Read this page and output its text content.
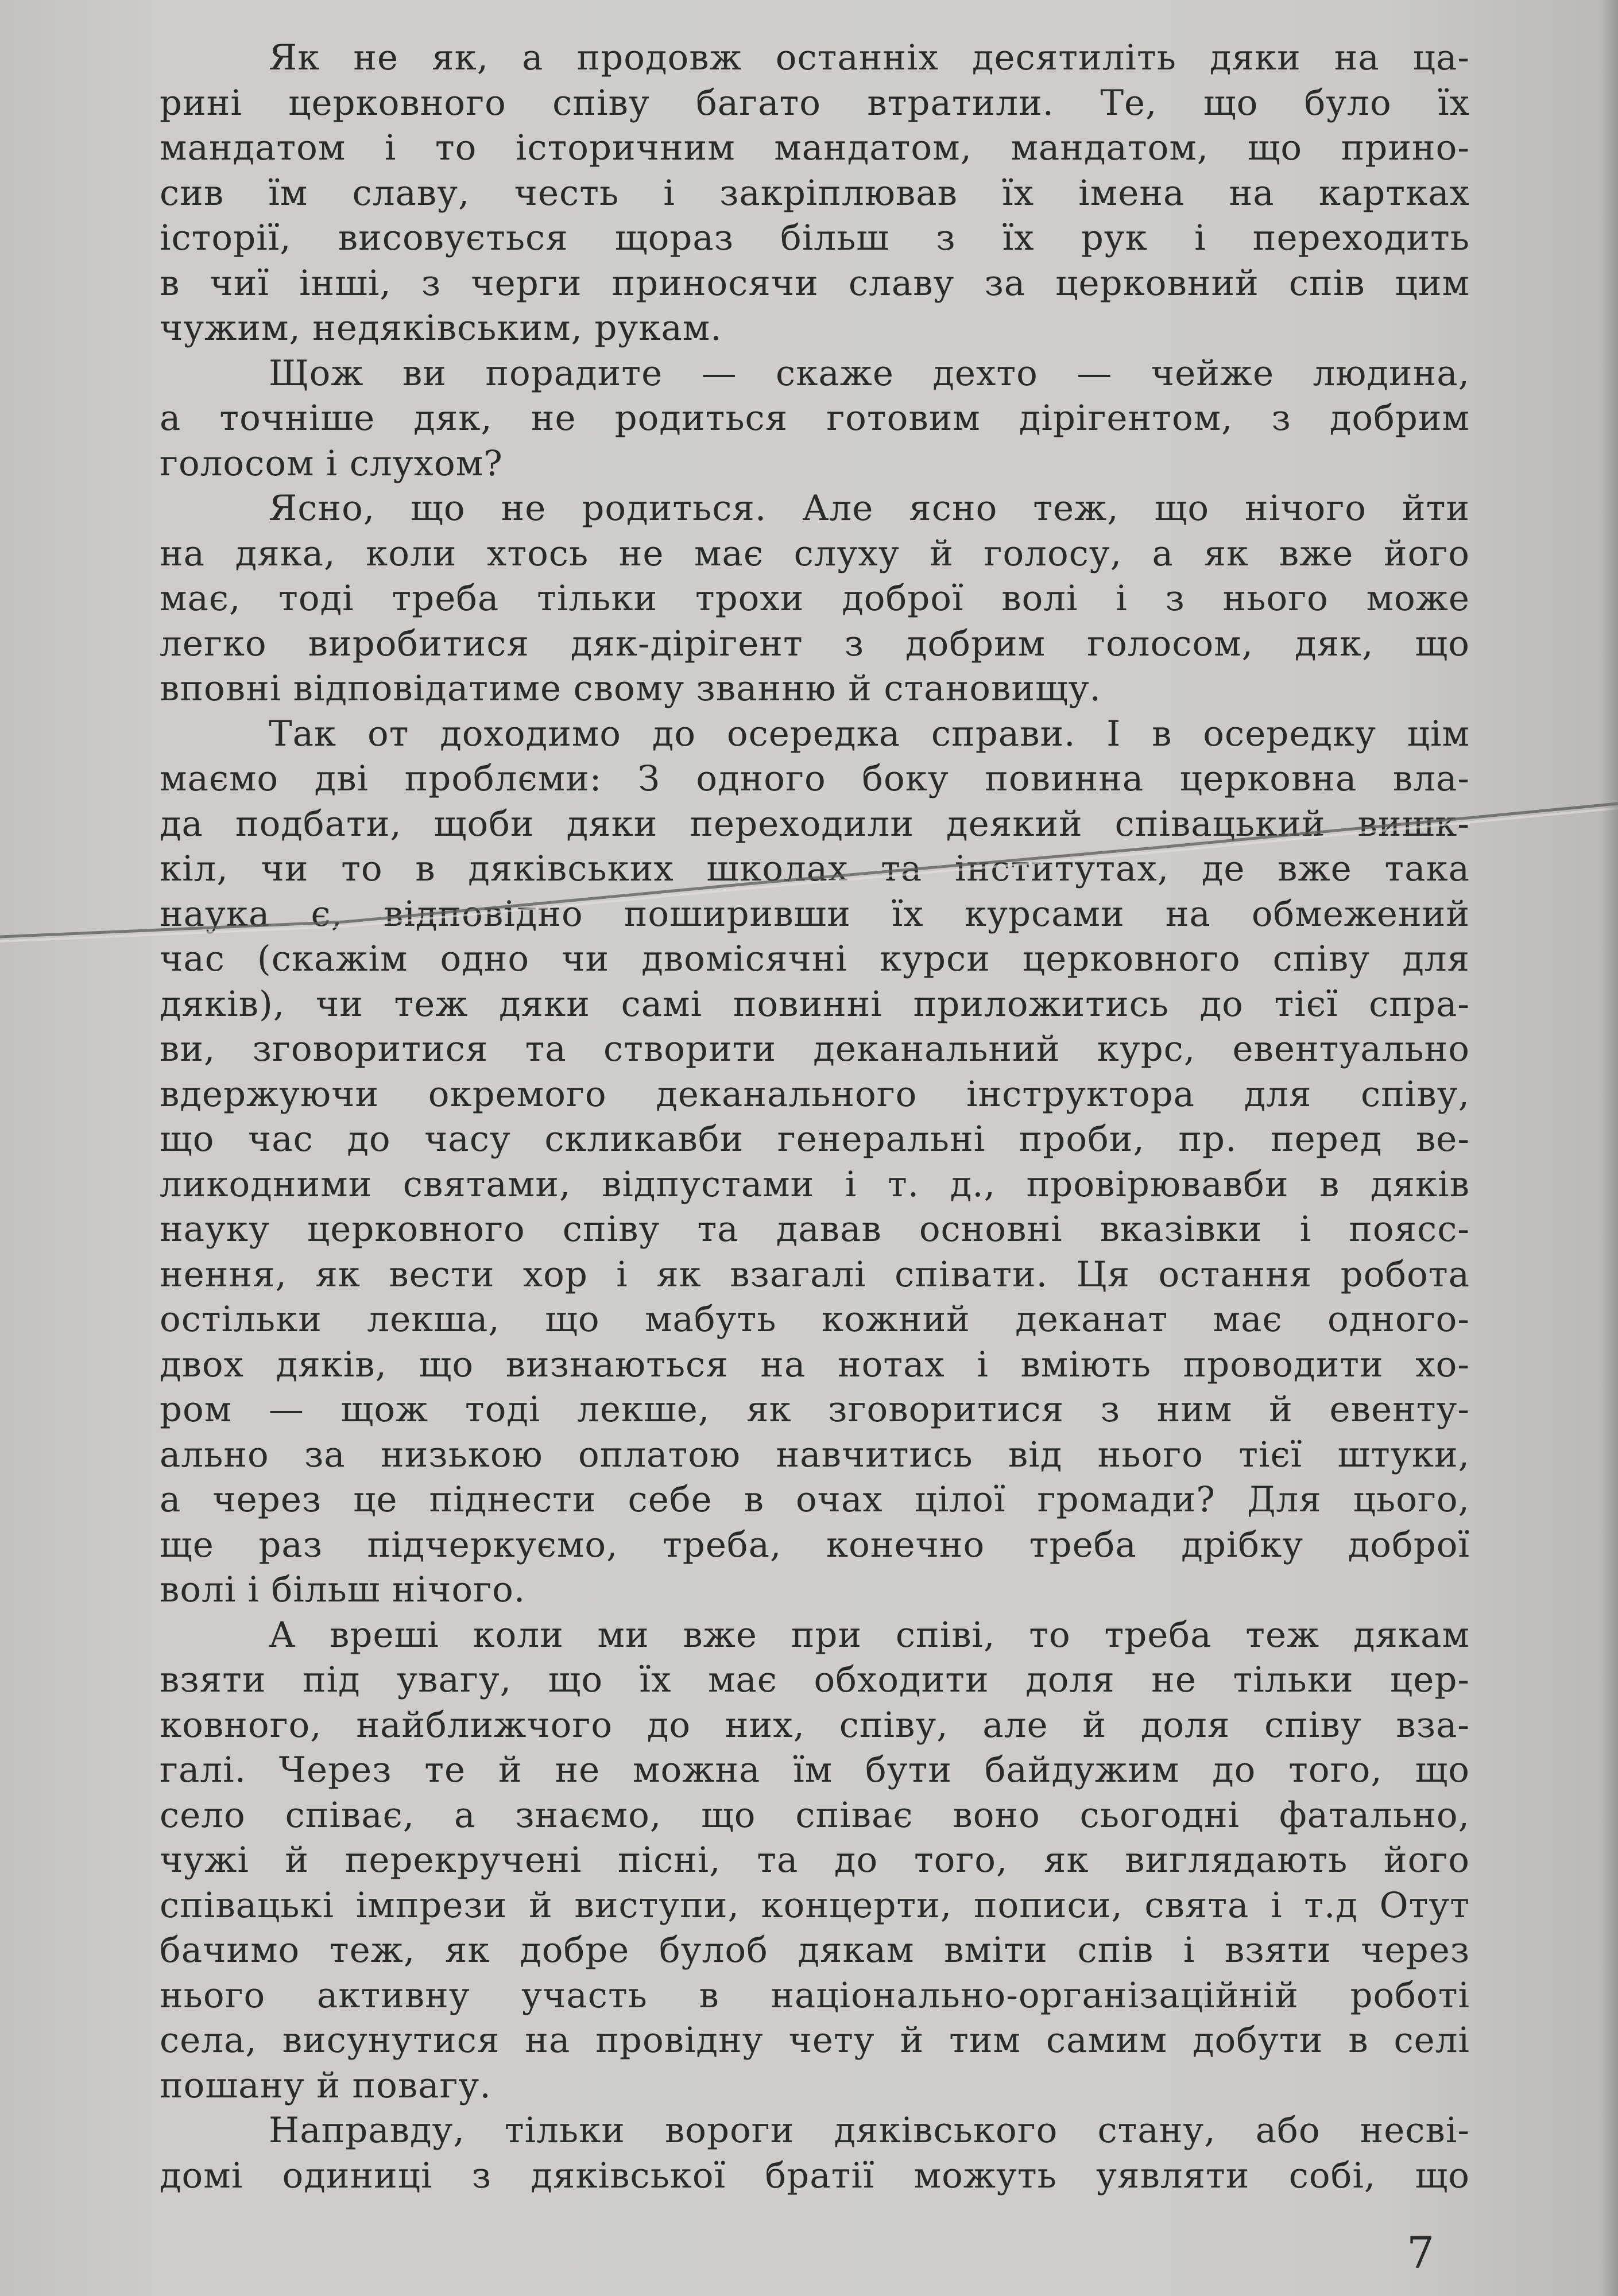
Як не як, а продовж останніх десятиліть дяки на ца-
рині церковного співу багато втратили. Те, що було їх
мандатом і то історичним мандатом, мандатом, що прино-
сив їм славу, честь і закріплював їх імена на картках
історії, висовується щораз більш з їх рук і переходить
в чиї інші, з черги приносячи славу за церковний спів цим
чужим, недяківським, рукам.
Щож ви порадите — скаже дехто — чейже людина,
а точніше дяк, не родиться готовим дірігентом, з добрим
голосом і слухом?
Ясно, що не родиться. Але ясно теж, що нічого йти
на дяка, коли хтось не має слуху й голосу, а як вже його
має, тоді треба тільки трохи доброї волі і з нього може
легко виробитися дяк-дірігент з добрим голосом, дяк, що
вповні відповідатиме свому званню й становищу.
Так от доходимо до осередка справи. І в осередку цім
маємо дві проблєми: З одного боку повинна церковна вла-
да подбати, щоби дяки переходили деякий співацький вишк-
кіл, чи то в дяківських школах та інститутах, де вже така
наука є, відповідно поширивши їх курсами на обмежений
час (скажім одно чи двомісячні курси церковного співу для
дяків), чи теж дяки самі повинні приложитись до тієї спра-
ви, зговоритися та створити деканальний курс, евентуально
вдержуючи окремого деканального інструктора для співу,
що час до часу скликавби генеральні проби, пр. перед ве-
ликодними святами, відпустами і т. д., провірювавби в дяків
науку церковного співу та давав основні вказівки і поясс-
нення, як вести хор і як взагалі співати. Ця остання робота
остільки лекша, що мабуть кожний деканат має одного-
двох дяків, що визнаються на нотах і вміють проводити хо-
ром — щож тоді лекше, як зговоритися з ним й евенту-
ально за низькою оплатою навчитись від нього тієї штуки,
а через це піднести себе в очах цілої громади? Для цього,
ще раз підчеркуємо, треба, конечно треба дрібку доброї
волі і більш нічого.
А вреші коли ми вже при співі, то треба теж дякам
взяти під увагу, що їх має обходити доля не тільки цер-
ковного, найближчого до них, співу, але й доля співу вза-
галі. Через те й не можна їм бути байдужим до того, що
село співає, а знаємо, що співає воно сьогодні фатально,
чужі й перекручені пісні, та до того, як виглядають його
співацькі імпрези й виступи, концерти, пописи, свята і т.д Отут
бачимо теж, як добре булоб дякам вміти спів і взяти через
нього активну участь в національно-організаційній роботі
села, висунутися на провідну чету й тим самим добути в селі
пошану й повагу.
Направду, тільки вороги дяківського стану, або несві-
домі одиниці з дяківської братії можуть уявляти собі, що
7
